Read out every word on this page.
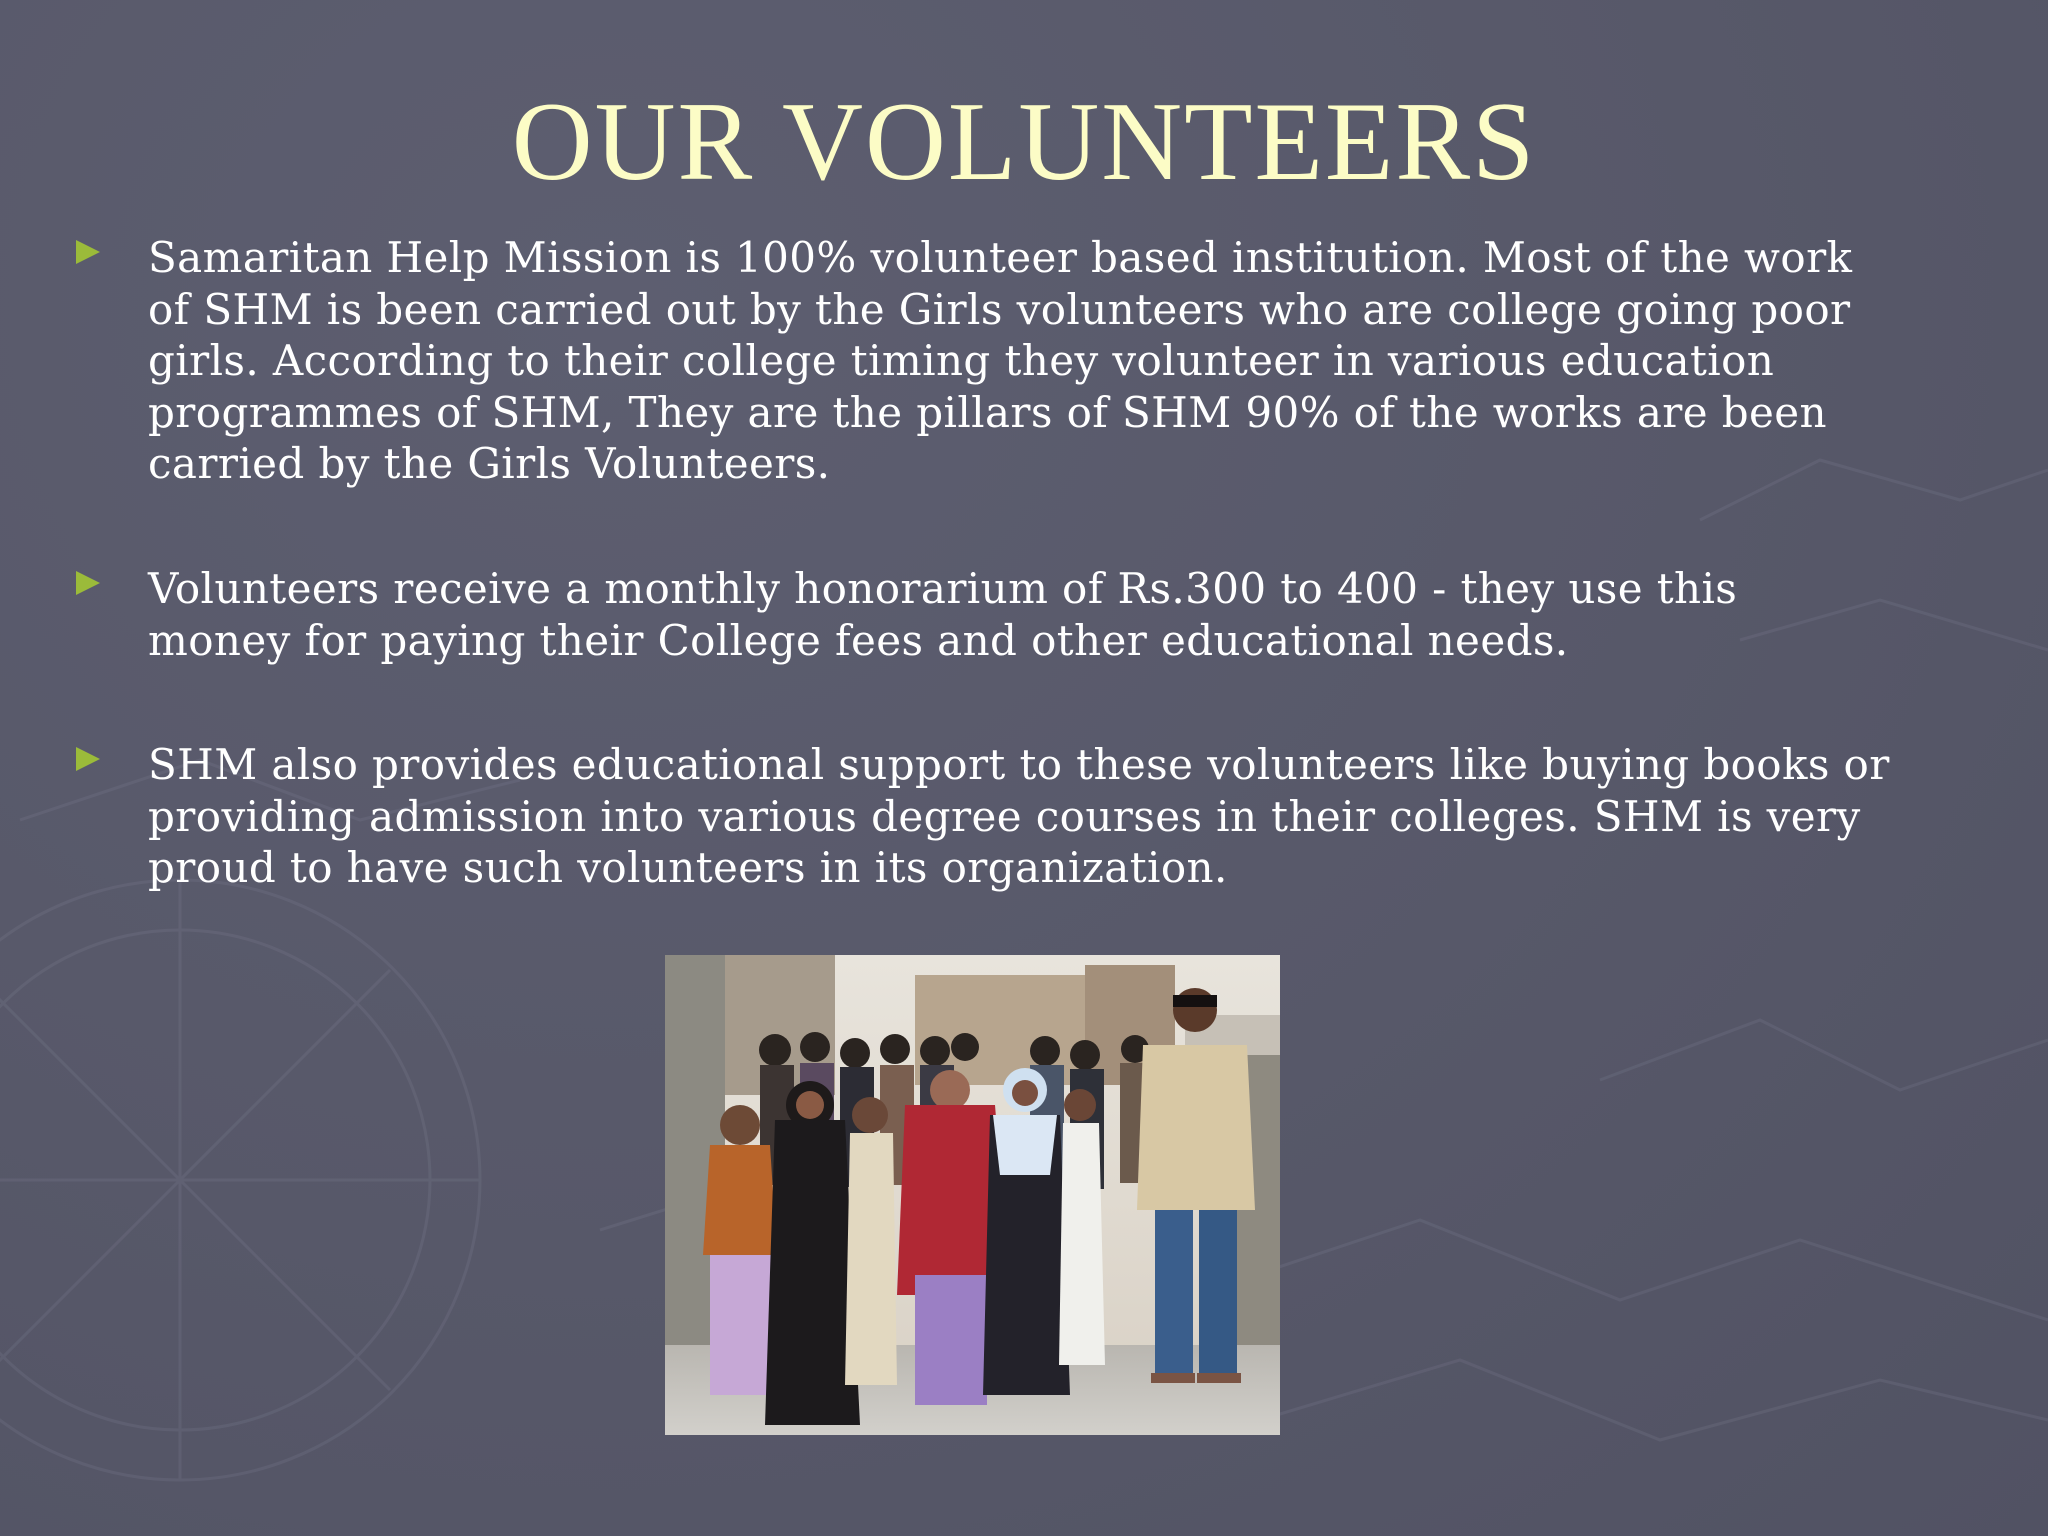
OUR VOLUNTEERS
Samaritan Help Mission is 100% volunteer based institution. Most of the work
of SHM is been carried out by the Girls volunteers who are college going poor
girls. According to their college timing they volunteer in various education
programmes of SHM, They are the pillars of SHM 90% of the works are been
carried by the Girls Volunteers.
Volunteers receive a monthly honorarium of Rs.300 to 400 - they use this
money for paying their College fees and other educational needs.
SHM also provides educational support to these volunteers like buying books or
providing admission into various degree courses in their colleges. SHM is very
proud to have such volunteers in its organization.
